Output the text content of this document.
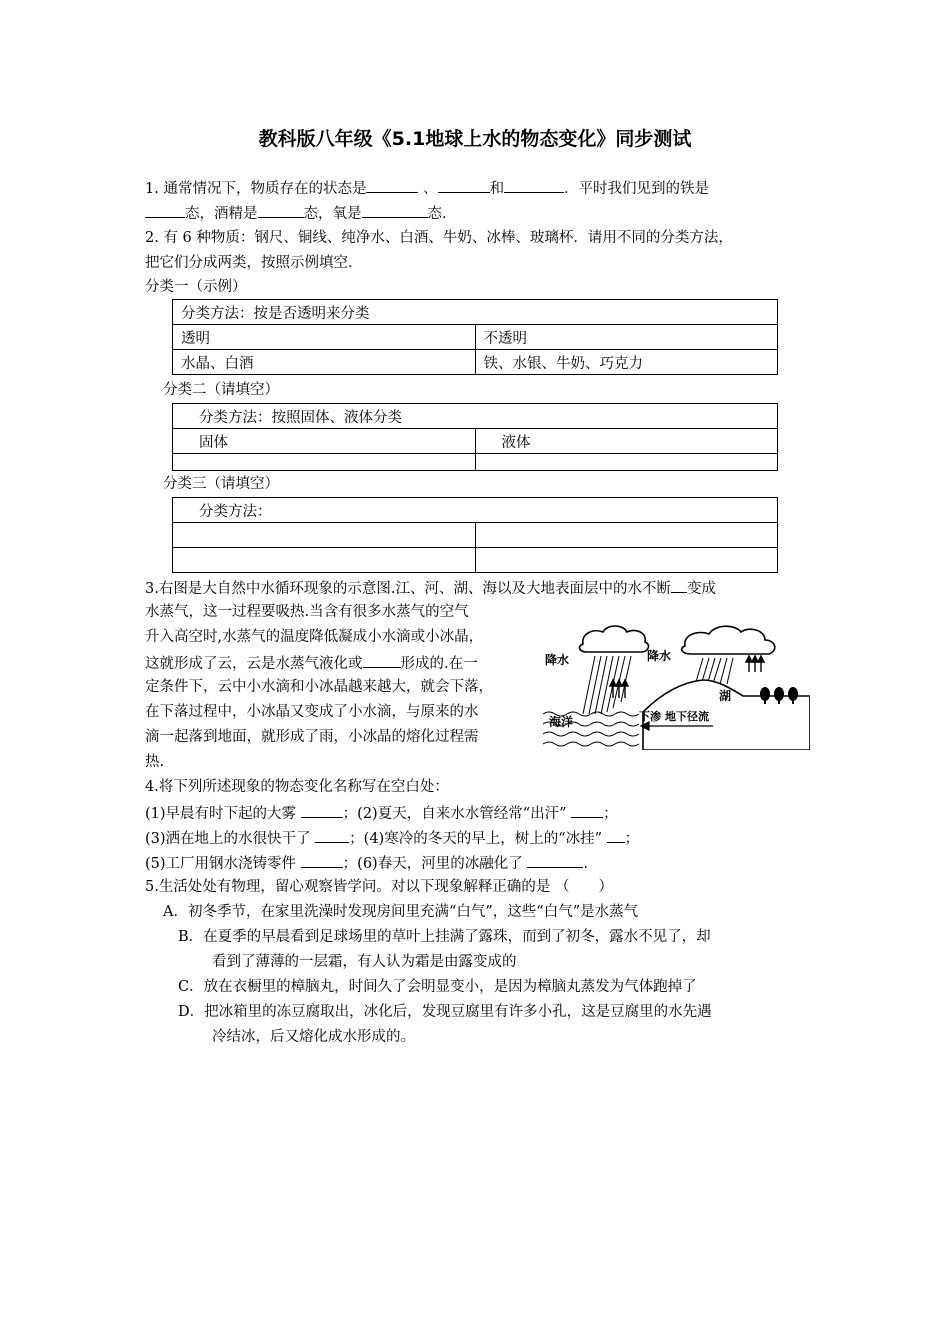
教科版八年级《5.1地球上水的物态变化》同步测试
1. 通常情况下，物质存在的状态是	、	和	．平时我们见到的铁是
态，酒精是	态，氧是	态．
2. 有 6 种物质：钢尺、铜线、纯净水、白酒、牛奶、冰棒、玻璃杯．请用不同的分类方法，
把它们分成两类，按照示例填空．
分类一（示例）
分类方法：按是否透明来分类	
透明	不透明
水晶、白酒	铁、水银、牛奶、巧克力
分类二（请填空）
分类方法：按照固体、液体分类	
固体	液体

分类三（请填空）
分类方法：	

3.右图是大自然中水循环现象的示意图.江、河、湖、海以及大地表面层中的水不断 变成
水蒸气，这一过程要吸热.当含有很多水蒸气的空气
升入高空时,水蒸气的温度降低凝成小水滴或小冰晶，
这就形成了云，云是水蒸气液化或	形成的.在一
定条件下，云中小水滴和小冰晶越来越大，就会下落，
在下落过程中，小冰晶又变成了小水滴，与原来的水
滴一起落到地面，就形成了雨，小冰晶的熔化过程需
热.
降水	降水
湖
海洋	下渗 地下径流
4.将下列所述现象的物态变化名称写在空白处：
(1)早晨有时下起的大雾	；(2)夏天，自来水水管经常“出汗”	；
(3)洒在地上的水很快干了	；(4)寒冷的冬天的早上，树上的“冰挂” ；
(5)工厂用钢水浇铸零件	；(6)春天，河里的冰融化了	.
5.生活处处有物理，留心观察皆学问。对以下现象解释正确的是 （　　）
A．初冬季节，在家里洗澡时发现房间里充满“白气”，这些“白气”是水蒸气
B．在夏季的早晨看到足球场里的草叶上挂满了露珠，而到了初冬，露水不见了，却
看到了薄薄的一层霜，有人认为霜是由露变成的
C．放在衣橱里的樟脑丸，时间久了会明显变小，是因为樟脑丸蒸发为气体跑掉了
D．把冰箱里的冻豆腐取出，冰化后，发现豆腐里有许多小孔，这是豆腐里的水先遇
冷结冰，后又熔化成水形成的。
